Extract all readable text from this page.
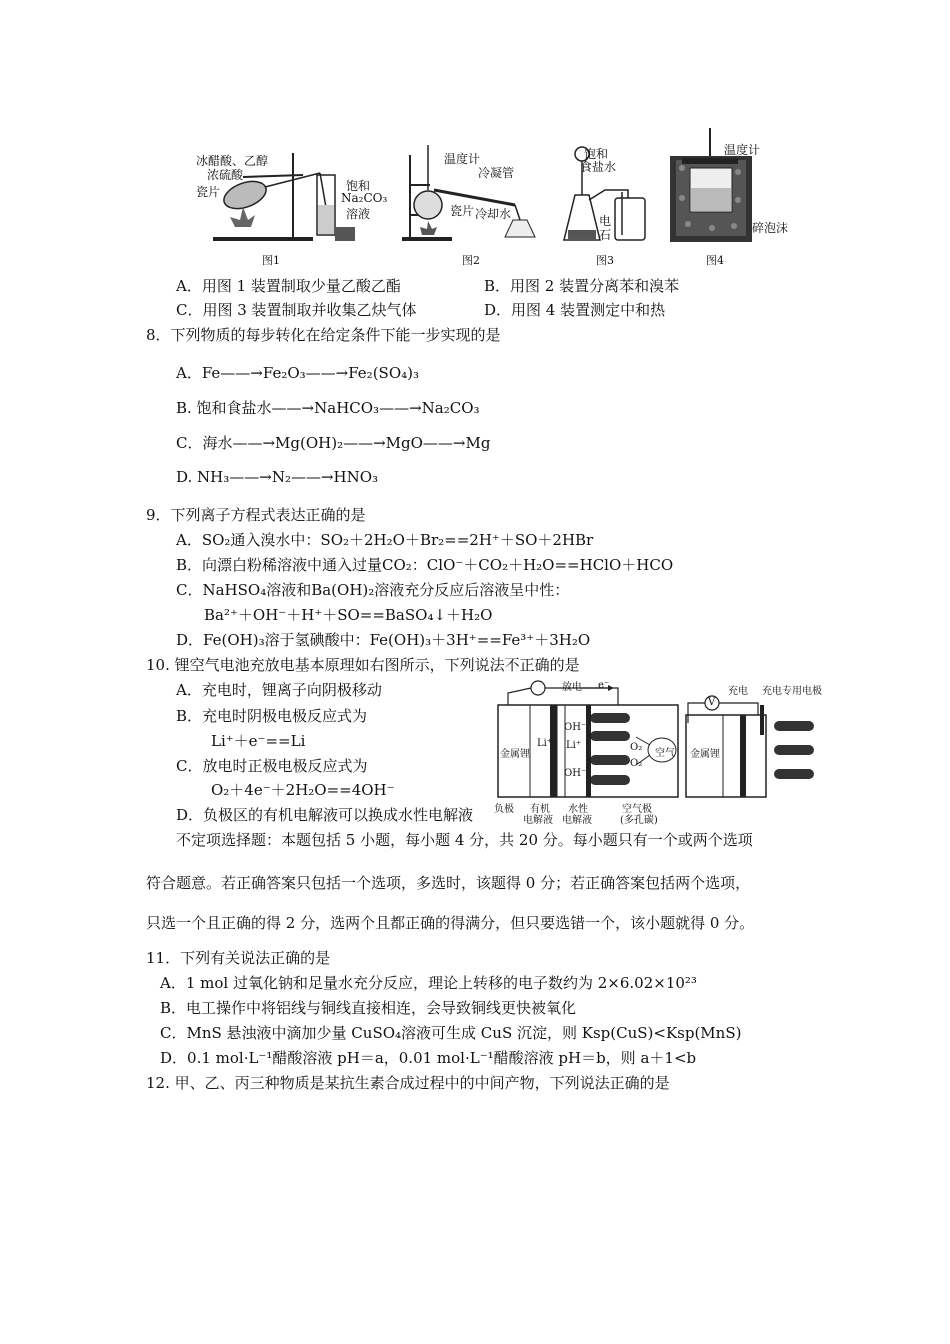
冰醋酸、乙醇
浓硫酸
瓷片	饱和
Na₂CO₃
溶液
图1
温度计
冷凝管
瓷片 冷却水
图2
饱和
食盐水
电
石
图3
温度计
碎泡沫
图4
A．用图 1 装置制取少量乙酸乙酯	B．用图 2 装置分离苯和溴苯
C．用图 3 装置制取并收集乙炔气体	D．用图 4 装置测定中和热
8．下列物质的每步转化在给定条件下能一步实现的是
A．Fe——→Fe₂O₃——→Fe₂(SO₄)₃
B. 饱和食盐水——→NaHCO₃——→Na₂CO₃
C．海水——→Mg(OH)₂——→MgO——→Mg
D. NH₃——→N₂——→HNO₃
9．下列离子方程式表达正确的是
A．SO₂通入溴水中：SO₂＋2H₂O＋Br₂==2H⁺＋SO＋2HBr
B．向漂白粉稀溶液中通入过量CO₂：ClO⁻＋CO₂＋H₂O==HClO＋HCO
C．NaHSO₄溶液和Ba(OH)₂溶液充分反应后溶液呈中性：
Ba²⁺＋OH⁻＋H⁺＋SO==BaSO₄↓＋H₂O
D．Fe(OH)₃溶于氢碘酸中：Fe(OH)₃＋3H⁺==Fe³⁺＋3H₂O
10. 锂空气电池充放电基本原理如右图所示，下列说法不正确的是
A．充电时，锂离子向阴极移动
B．充电时阴极电极反应式为
Li⁺＋e⁻==Li
C．放电时正极电极反应式为
O₂＋4e⁻＋2H₂O==4OH⁻
D．负极区的有机电解液可以换成水性电解液
放电 e⁻
金属锂
Li⁺ Li⁺
OH⁻
OH⁻
O₂
O₂
空气
负极 有机
电解液
水性
电解液
空气极
(多孔碳)
充电 充电专用电极
V
金属锂
不定项选择题：本题包括 5 小题，每小题 4 分，共 20 分。每小题只有一个或两个选项
符合题意。若正确答案只包括一个选项，多选时，该题得 0 分；若正确答案包括两个选项，
只选一个且正确的得 2 分，选两个且都正确的得满分，但只要选错一个，该小题就得 0 分。
11．下列有关说法正确的是
A．1 mol 过氧化钠和足量水充分反应，理论上转移的电子数约为 2×6.02×10²³
B．电工操作中将铝线与铜线直接相连，会导致铜线更快被氧化
C．MnS 悬浊液中滴加少量 CuSO₄溶液可生成 CuS 沉淀，则 Ksp(CuS)<Ksp(MnS)
D．0.1 mol·L⁻¹醋酸溶液 pH＝a，0.01 mol·L⁻¹醋酸溶液 pH＝b，则 a＋1<b
12. 甲、乙、丙三种物质是某抗生素合成过程中的中间产物，下列说法正确的是
